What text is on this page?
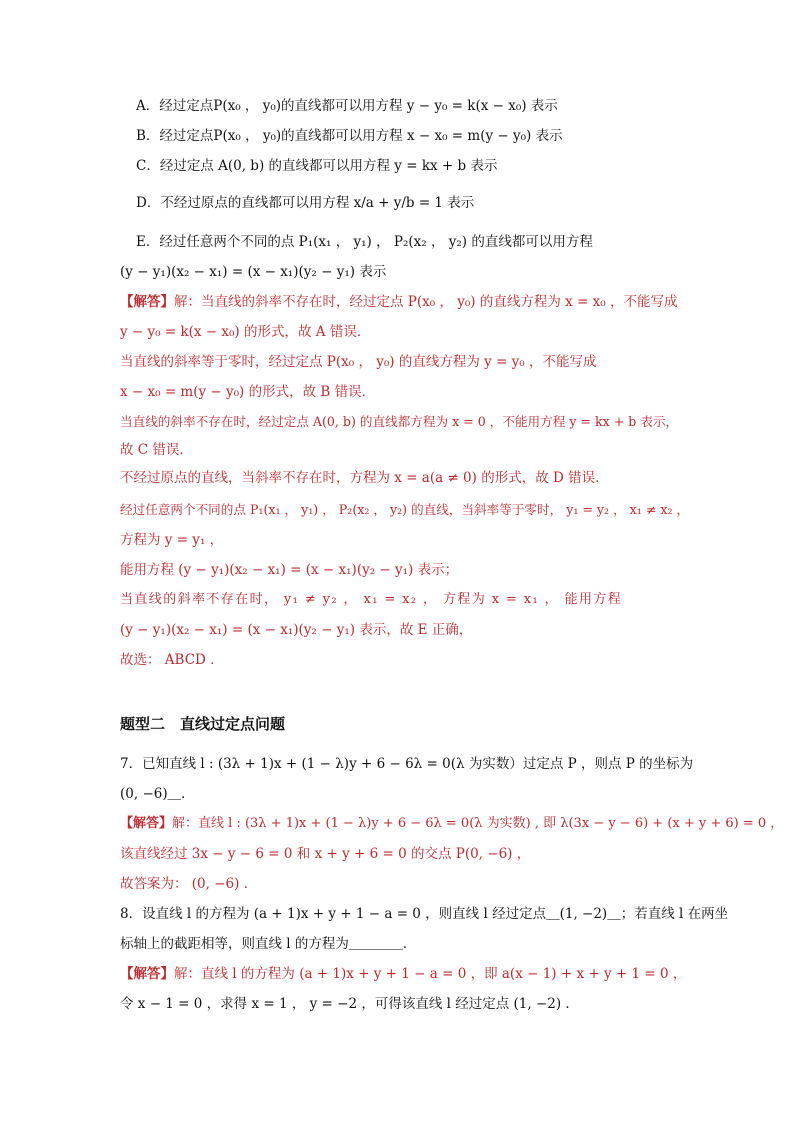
A．经过定点P(x₀ ， y₀)的直线都可以用方程 y − y₀ = k(x − x₀) 表示
B．经过定点P(x₀ ， y₀)的直线都可以用方程 x − x₀ = m(y − y₀) 表示
C．经过定点 A(0, b) 的直线都可以用方程 y = kx + b 表示
D．不经过原点的直线都可以用方程 x/a + y/b = 1 表示
E．经过任意两个不同的点 P₁(x₁ ， y₁) ， P₂(x₂ ， y₂) 的直线都可以用方程
(y − y₁)(x₂ − x₁) = (x − x₁)(y₂ − y₁) 表示
【解答】解：当直线的斜率不存在时，经过定点 P(x₀ ， y₀) 的直线方程为 x = x₀ ，不能写成
y − y₀ = k(x − x₀) 的形式，故 A 错误．
当直线的斜率等于零时，经过定点 P(x₀ ， y₀) 的直线方程为 y = y₀ ，不能写成
x − x₀ = m(y − y₀) 的形式，故 B 错误．
当直线的斜率不存在时，经过定点 A(0, b) 的直线都方程为 x = 0 ，不能用方程 y = kx + b 表示，
故 C 错误．
不经过原点的直线，当斜率不存在时，方程为 x = a(a ≠ 0) 的形式，故 D 错误．
经过任意两个不同的点 P₁(x₁ ， y₁) ， P₂(x₂ ， y₂) 的直线，当斜率等于零时， y₁ = y₂ ， x₁ ≠ x₂ ，
方程为 y = y₁ ，
能用方程 (y − y₁)(x₂ − x₁) = (x − x₁)(y₂ − y₁) 表示；
当直线的斜率不存在时， y₁ ≠ y₂ ， x₁ = x₂ ， 方程为 x = x₁ ， 能用方程
(y − y₁)(x₂ − x₁) = (x − x₁)(y₂ − y₁) 表示，故 E 正确，
故选： ABCD ．
题型二　直线过定点问题
7．已知直线 l : (3λ + 1)x + (1 − λ)y + 6 − 6λ = 0(λ 为实数）过定点 P ，则点 P 的坐标为
(0, −6)＿．
【解答】解：直线 l : (3λ + 1)x + (1 − λ)y + 6 − 6λ = 0(λ 为实数) , 即 λ(3x − y − 6) + (x + y + 6) = 0 ，
该直线经过 3x − y − 6 = 0 和 x + y + 6 = 0 的交点 P(0, −6) ，
故答案为： (0, −6) ．
8．设直线 l 的方程为 (a + 1)x + y + 1 − a = 0 ，则直线 l 经过定点＿(1, −2)＿；若直线 l 在两坐
标轴上的截距相等，则直线 l 的方程为＿＿＿＿．
【解答】解：直线 l 的方程为 (a + 1)x + y + 1 − a = 0 ，即 a(x − 1) + x + y + 1 = 0 ，
令 x − 1 = 0 ，求得 x = 1 ， y = −2 ，可得该直线 l 经过定点 (1, −2) ．
